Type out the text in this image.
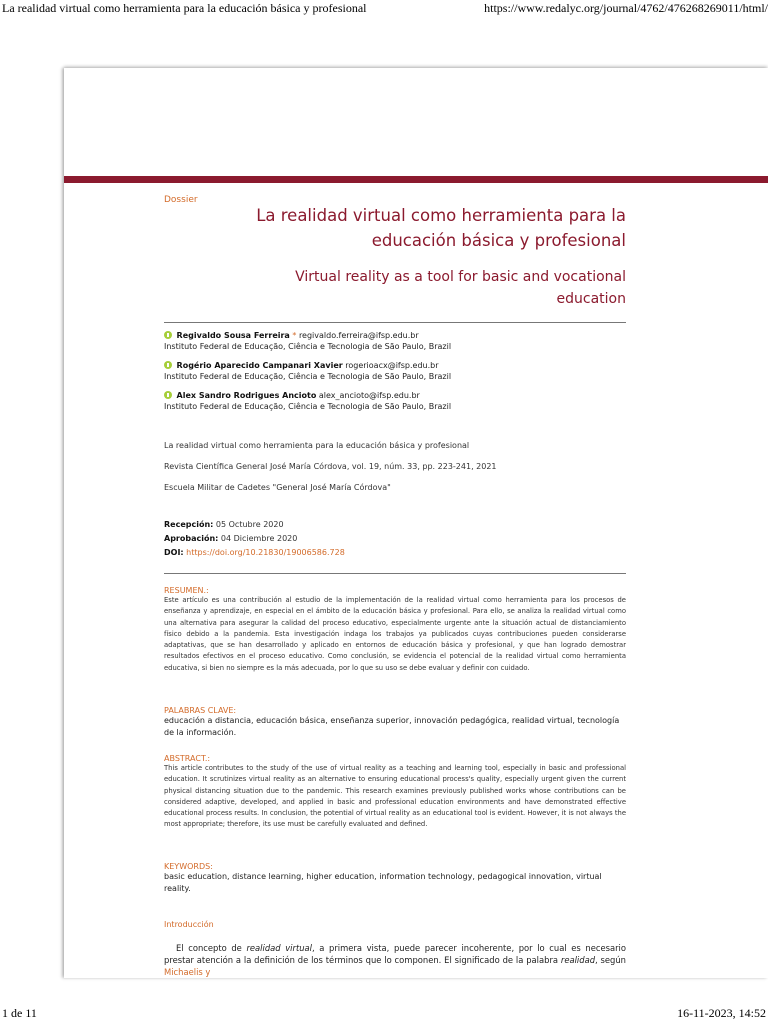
La realidad virtual como herramienta para la educación básica y profesional	https://www.redalyc.org/journal/4762/476268269011/html/
Dossier
La realidad virtual como herramienta para la educación básica y profesional
Virtual reality as a tool for basic and vocational education
Regivaldo Sousa Ferreira * regivaldo.ferreira@ifsp.edu.br
Instituto Federal de Educação, Ciência e Tecnologia de São Paulo, Brazil
Rogério Aparecido Campanari Xavier rogerioacx@ifsp.edu.br
Instituto Federal de Educação, Ciência e Tecnologia de São Paulo, Brazil
Alex Sandro Rodrigues Ancioto alex_ancioto@ifsp.edu.br
Instituto Federal de Educação, Ciência e Tecnologia de São Paulo, Brazil

La realidad virtual como herramienta para la educación básica y profesional

Revista Científica General José María Córdova, vol. 19, núm. 33, pp. 223-241, 2021

Escuela Militar de Cadetes "General José María Córdova"

Recepción: 05 Octubre 2020
Aprobación: 04 Diciembre 2020
DOI: https://doi.org/10.21830/19006586.728

RESUMEN.:

Este artículo es una contribución al estudio de la implementación de la realidad virtual como herramienta para los procesos de enseñanza y aprendizaje, en especial en el ámbito de la educación básica y profesional. Para ello, se analiza la realidad virtual como una alternativa para asegurar la calidad del proceso educativo, especialmente urgente ante la situación actual de distanciamiento físico debido a la pandemia. Esta investigación indaga los trabajos ya publicados cuyas contribuciones pueden considerarse adaptativas, que se han desarrollado y aplicado en entornos de educación básica y profesional, y que han logrado demostrar resultados efectivos en el proceso educativo. Como conclusión, se evidencia el potencial de la realidad virtual como herramienta educativa, si bien no siempre es la más adecuada, por lo que su uso se debe evaluar y definir con cuidado.

PALABRAS CLAVE:

educación a distancia, educación básica, enseñanza superior, innovación pedagógica, realidad virtual, tecnología de la información.

ABSTRACT.:

This article contributes to the study of the use of virtual reality as a teaching and learning tool, especially in basic and professional education. It scrutinizes virtual reality as an alternative to ensuring educational process's quality, especially urgent given the current physical distancing situation due to the pandemic. This research examines previously published works whose contributions can be considered adaptive, developed, and applied in basic and professional education environments and have demonstrated effective educational process results. In conclusion, the potential of virtual reality as an educational tool is evident. However, it is not always the most appropriate; therefore, its use must be carefully evaluated and defined.

KEYWORDS:

basic education, distance learning, higher education, information technology, pedagogical innovation, virtual reality.

Introducción

El concepto de realidad virtual, a primera vista, puede parecer incoherente, por lo cual es necesario prestar atención a la definición de los términos que lo componen. El significado de la palabra realidad, según Michaelis y

1 de 11	16-11-2023, 14:52
